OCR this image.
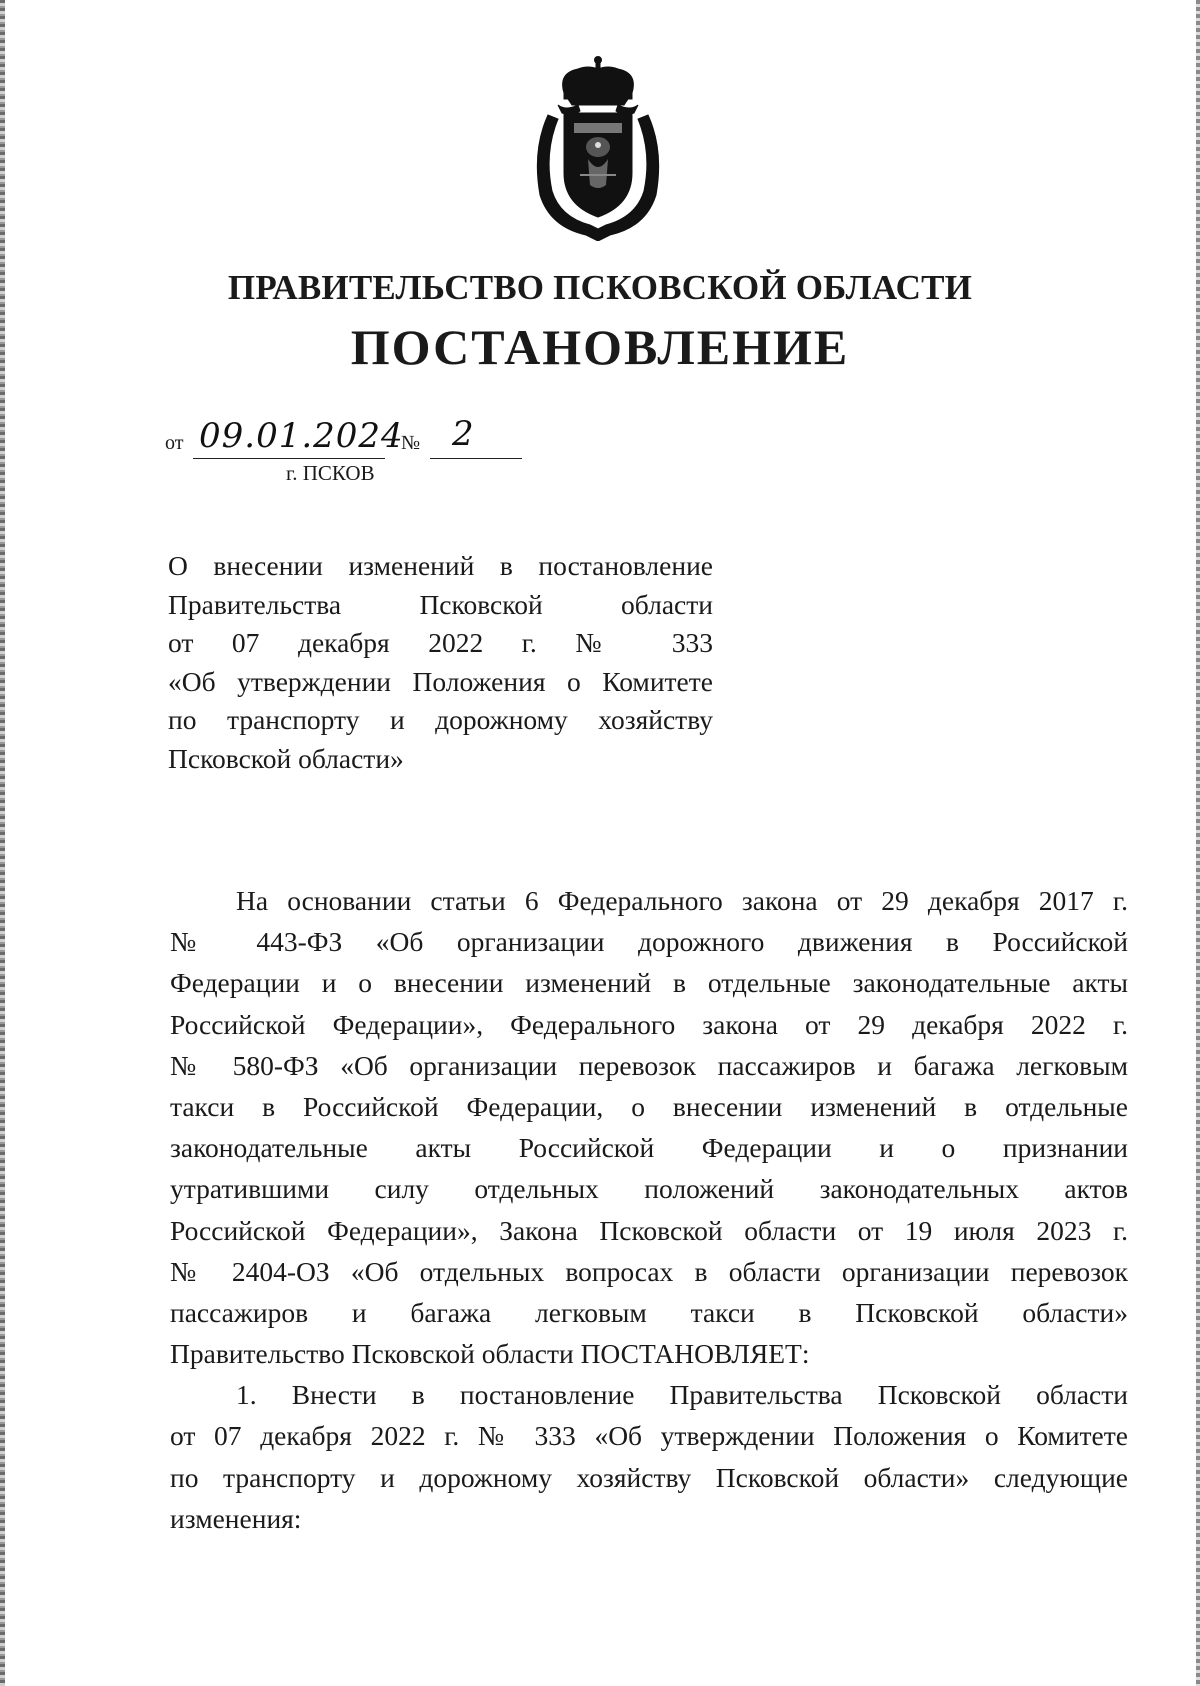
ПРАВИТЕЛЬСТВО ПСКОВСКОЙ ОБЛАСТИ
ПОСТАНОВЛЕНИЕ
от 09.01.2024
№ 2
г. ПСКОВ
О внесении изменений в постановление
Правительства Псковской области
от 07 декабря 2022 г. № 333
«Об утверждении Положения о Комитете
по транспорту и дорожному хозяйству
Псковской области»
На основании статьи 6 Федерального закона от 29 декабря 2017 г.
№ 443-ФЗ «Об организации дорожного движения в Российской
Федерации и о внесении изменений в отдельные законодательные акты
Российской Федерации», Федерального закона от 29 декабря 2022 г.
№ 580-ФЗ «Об организации перевозок пассажиров и багажа легковым
такси в Российской Федерации, о внесении изменений в отдельные
законодательные акты Российской Федерации и о признании
утратившими силу отдельных положений законодательных актов
Российской Федерации», Закона Псковской области от 19 июля 2023 г.
№ 2404-ОЗ «Об отдельных вопросах в области организации перевозок
пассажиров и багажа легковым такси в Псковской области»
Правительство Псковской области ПОСТАНОВЛЯЕТ:
1. Внести в постановление Правительства Псковской области
от 07 декабря 2022 г. № 333 «Об утверждении Положения о Комитете
по транспорту и дорожному хозяйству Псковской области» следующие
изменения:
